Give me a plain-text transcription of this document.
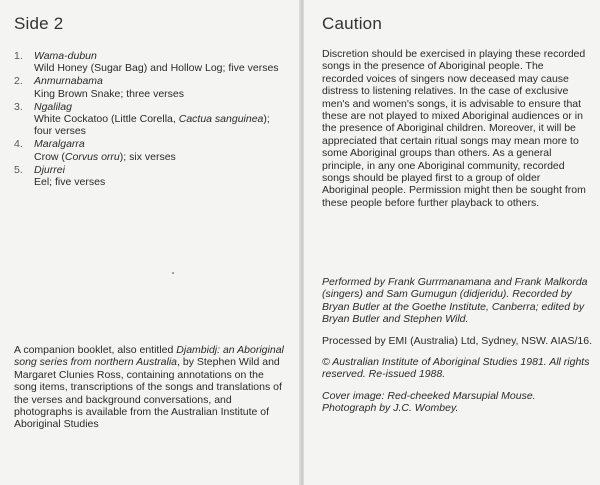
Side 2
1.	Wama-dubun
Wild Honey (Sugar Bag) and Hollow Log; five verses
2.	Anmurnabama
King Brown Snake; three verses
3.	Ngalilag
White Cockatoo (Little Corella, Cactua sanguinea); four verses
4.	Maralgarra
Crow (Corvus orru); six verses
5.	Djurrei
Eel; five verses

A companion booklet, also entitled Djambidj: an Aboriginal song series from northern Australia, by Stephen Wild and Margaret Clunies Ross, containing annotations on the song items, transcriptions of the songs and translations of the verses and background conversations, and photographs is available from the Australian Institute of Aboriginal Studies

Caution

Discretion should be exercised in playing these recorded songs in the presence of Aboriginal people. The recorded voices of singers now deceased may cause distress to listening relatives. In the case of exclusive men's and women's songs, it is advisable to ensure that these are not played to mixed Aboriginal audiences or in the presence of Aboriginal children. Moreover, it will be appreciated that certain ritual songs may mean more to some Aboriginal groups than others. As a general principle, in any one Aboriginal community, recorded songs should be played first to a group of older Aboriginal people. Permission might then be sought from these people before further playback to others.

Performed by Frank Gurrmanamana and Frank Malkorda (singers) and Sam Gumugun (didjeridu). Recorded by Bryan Butler at the Goethe Institute, Canberra; edited by Bryan Butler and Stephen Wild.

Processed by EMI (Australia) Ltd, Sydney, NSW. AIAS/16.

© Australian Institute of Aboriginal Studies 1981. All rights reserved. Re-issued 1988.

Cover image: Red-cheeked Marsupial Mouse. Photograph by J.C. Wombey.
